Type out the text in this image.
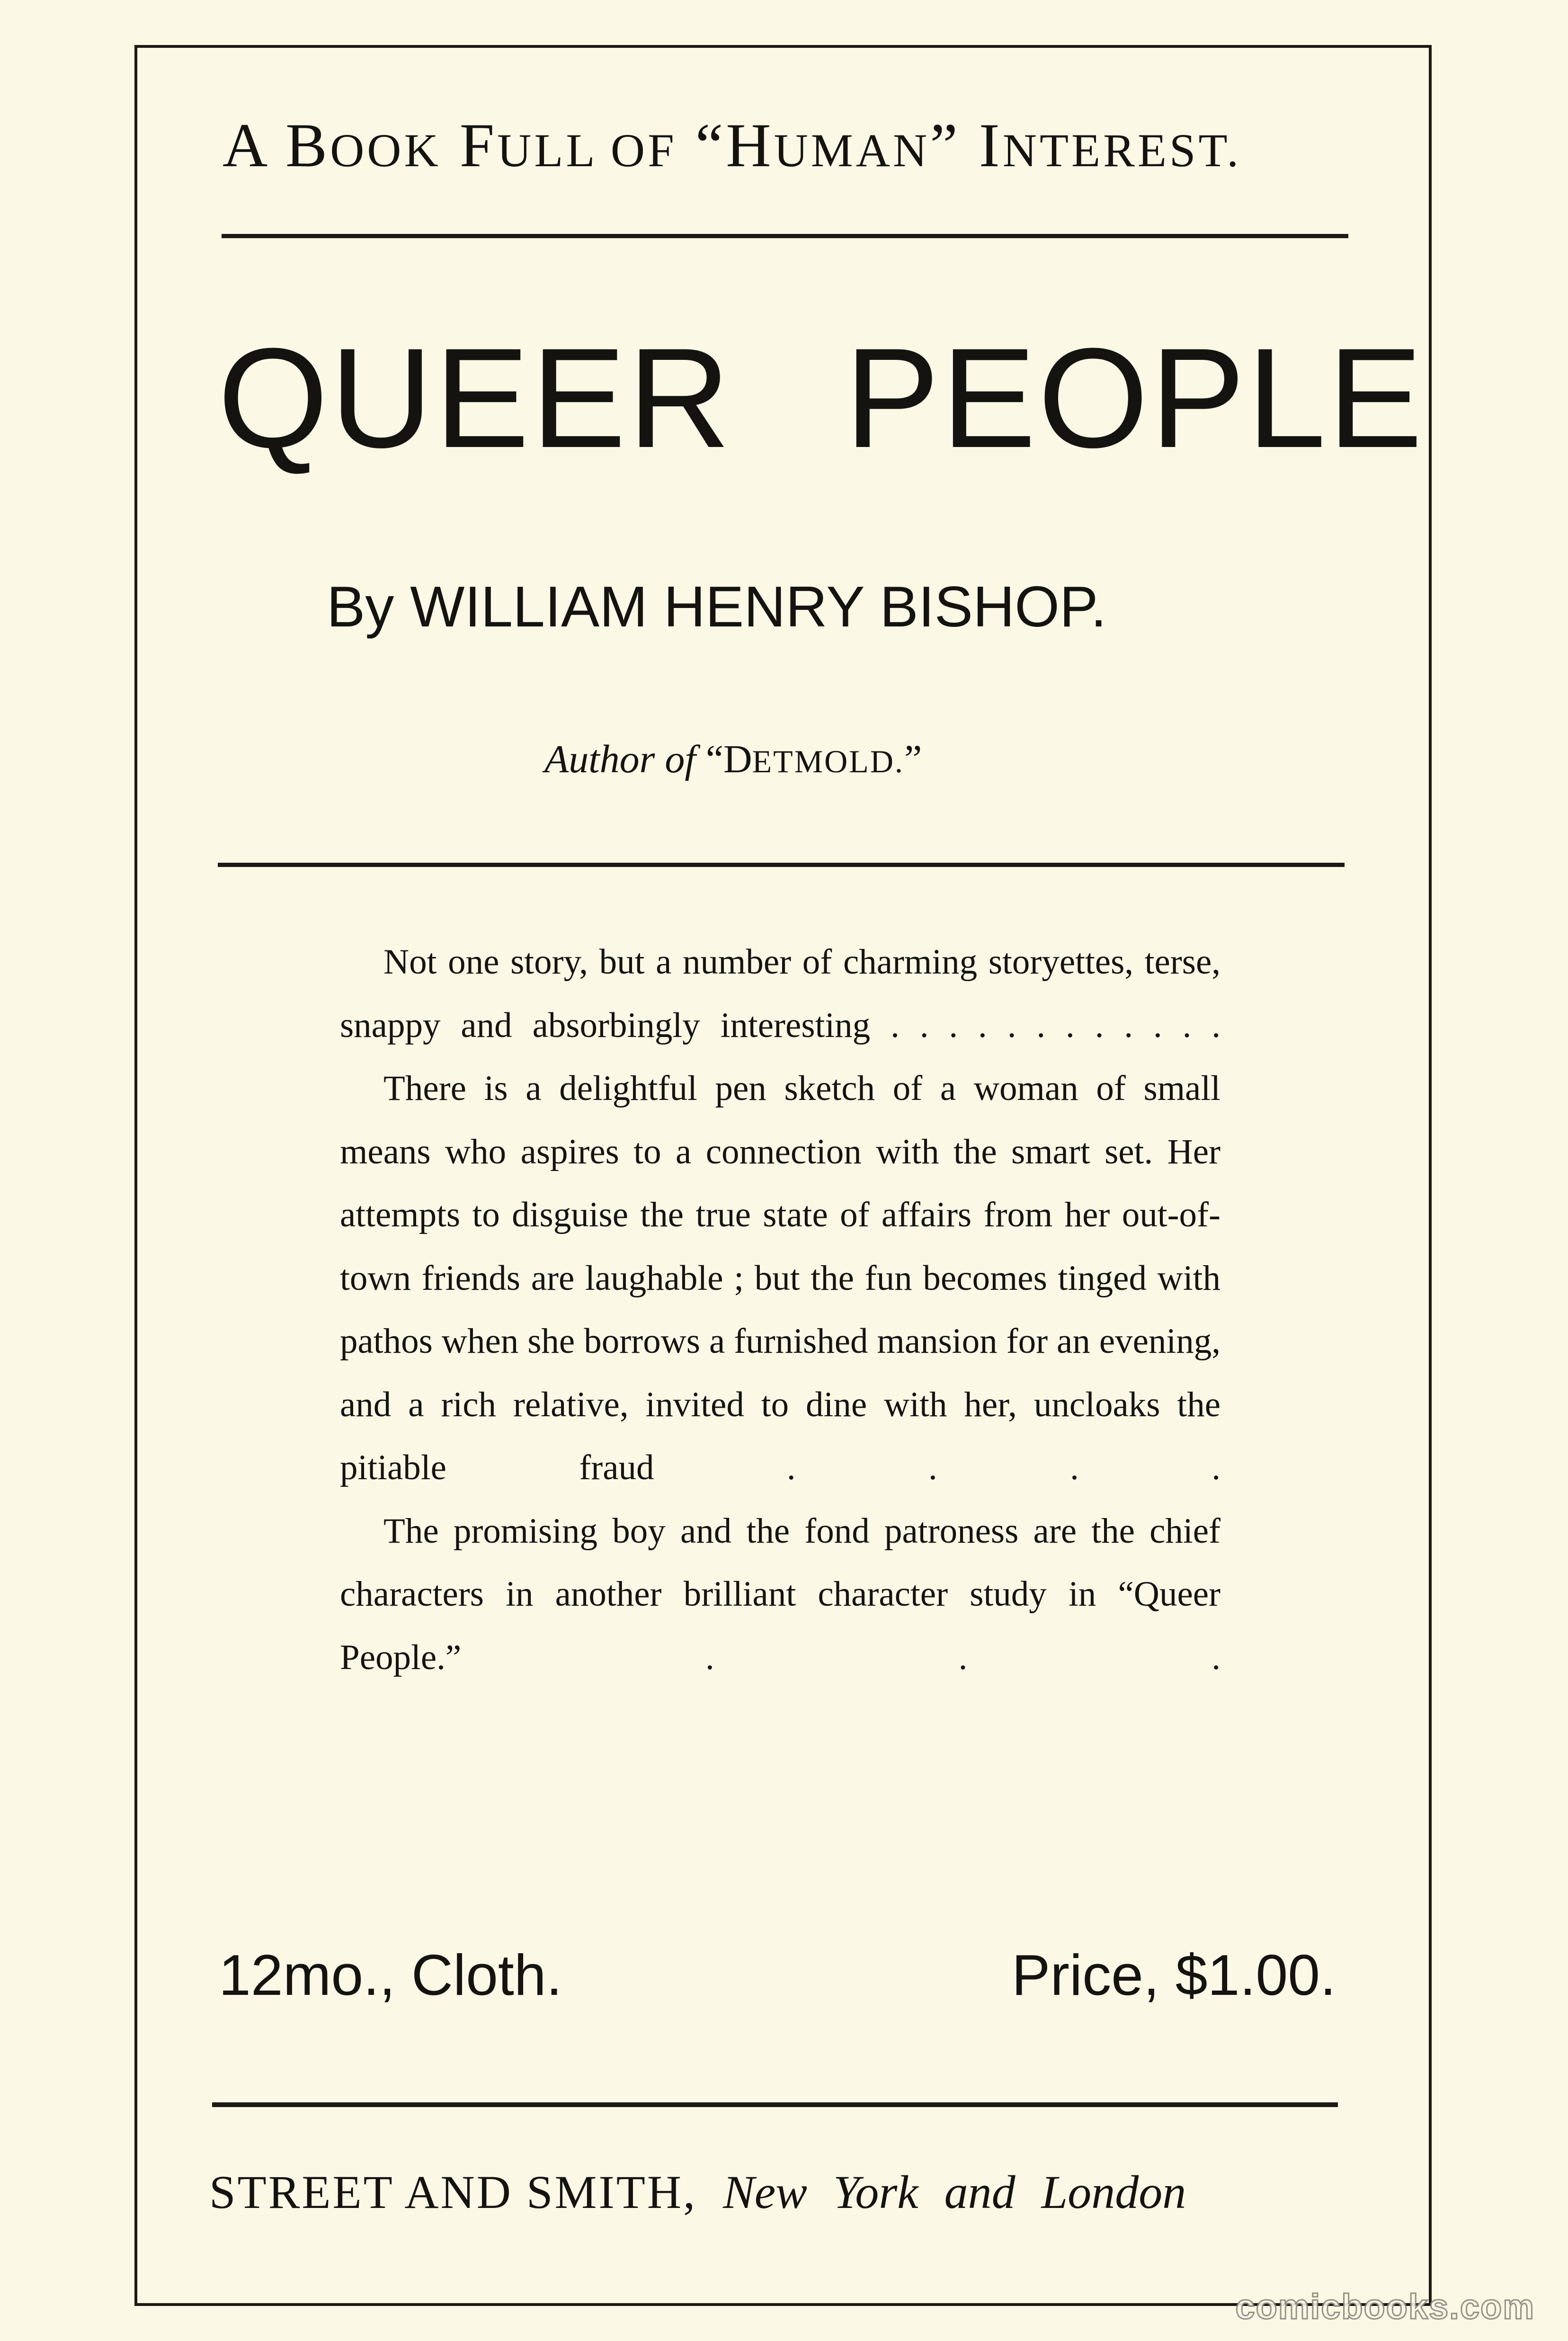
A BOOK FULL OF “HUMAN” INTEREST.
QUEER PEOPLE
By WILLIAM HENRY BISHOP.
Author of “DETMOLD.”

Not one story, but a number of charming storyettes, terse, snappy and absorbingly interesting . . . . . . . . . . . .

There is a delightful pen sketch of a woman of small means who aspires to a connection with the smart set. Her attempts to disguise the true state of affairs from her out-of-town friends are laughable ; but the fun becomes tinged with pathos when she borrows a furnished mansion for an evening, and a rich relative, invited to dine with her, uncloaks the pitiable fraud . . . .

The promising boy and the fond patroness are the chief characters in another brilliant character study in “Queer People.” . . .

12mo., Cloth.	Price, $1.00.
STREET AND SMITH, New York and London
comicbooks.com
